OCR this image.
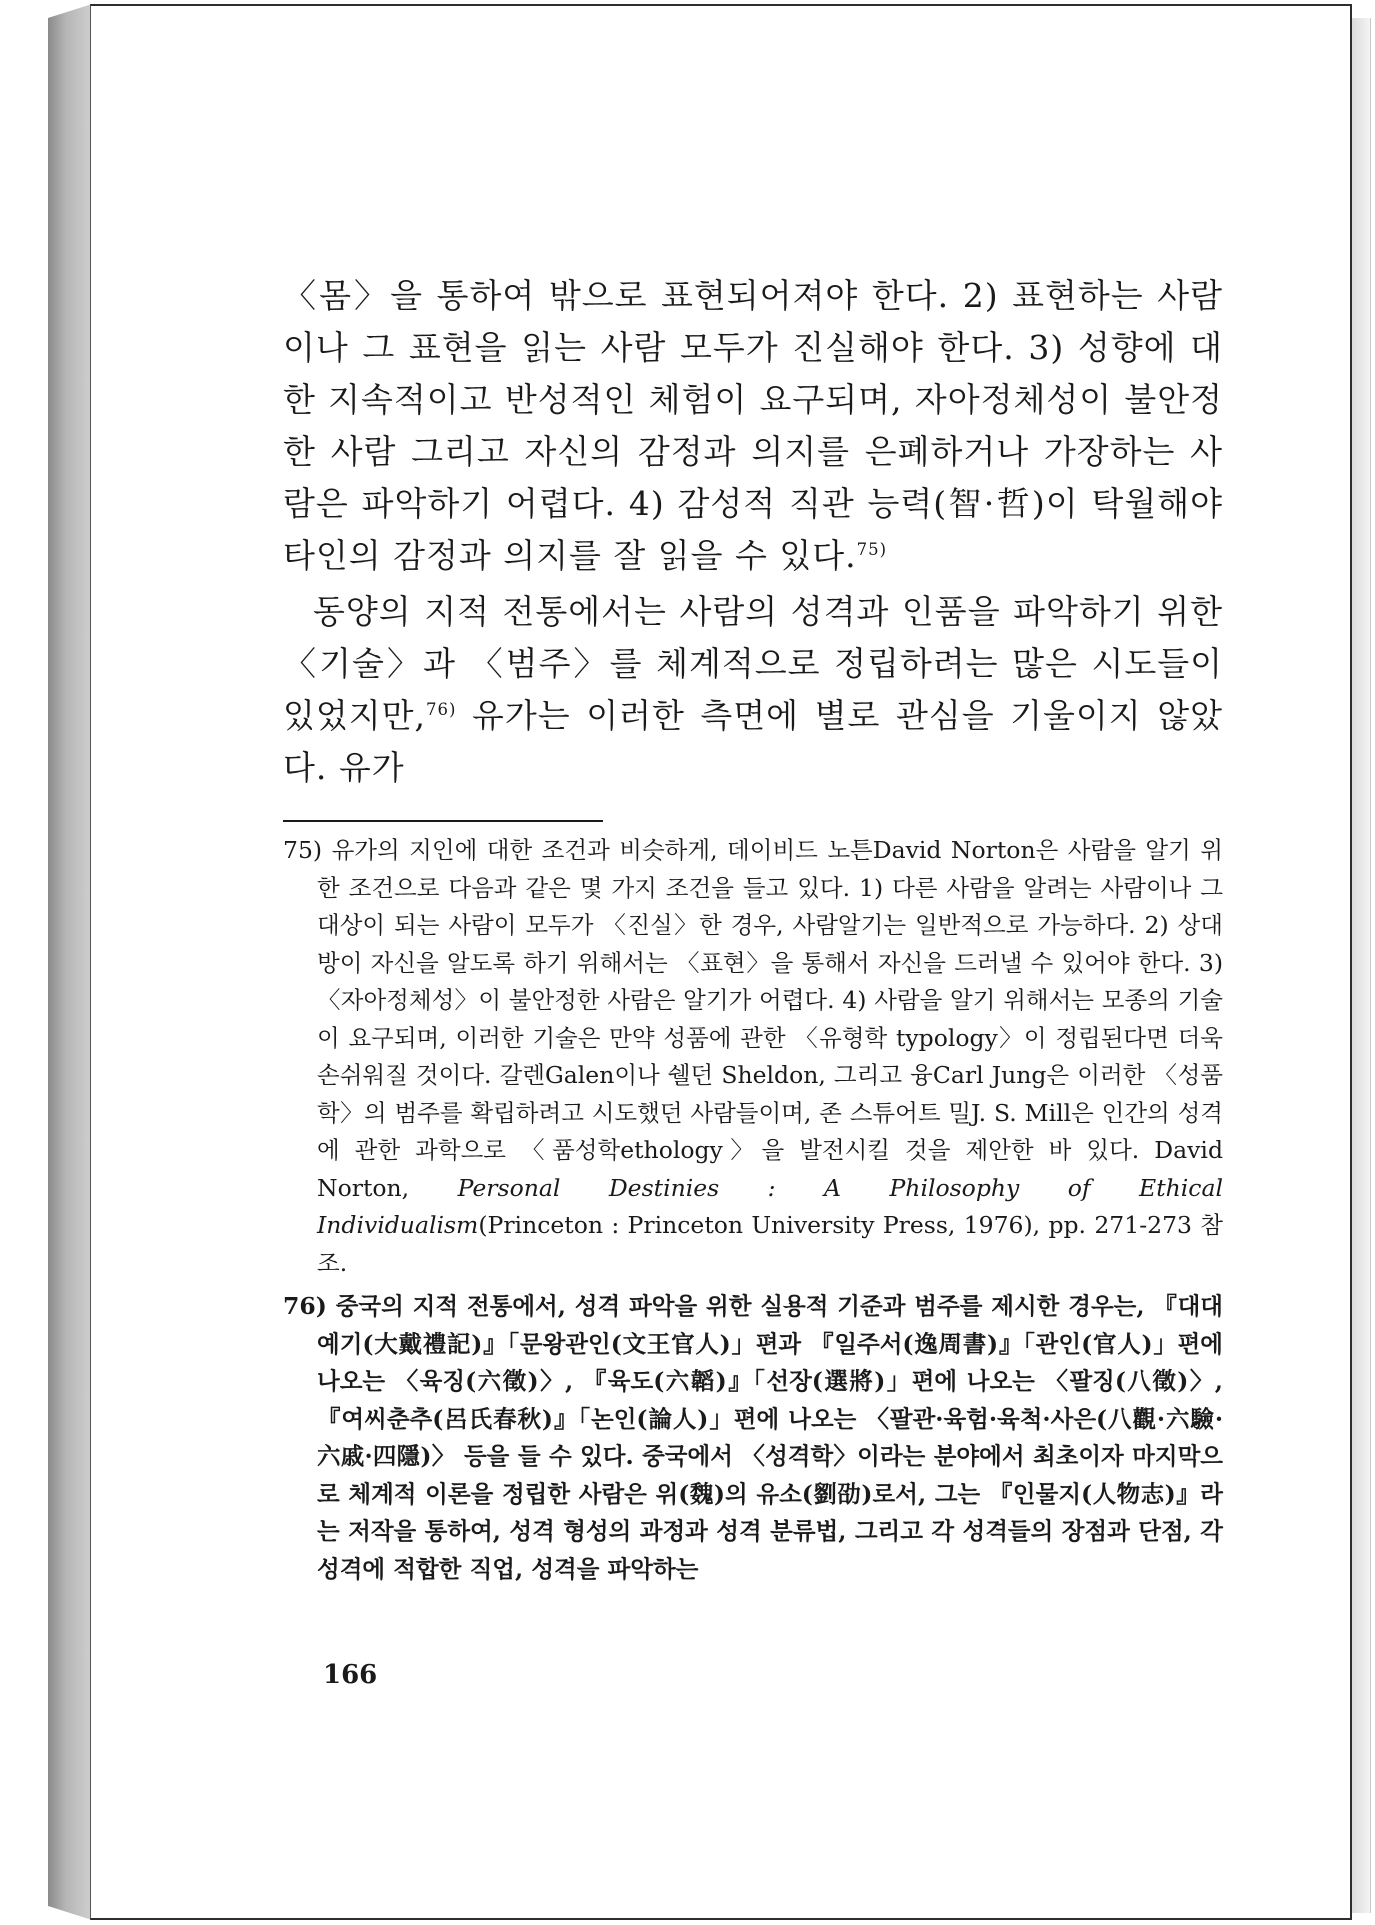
〈몸〉을 통하여 밖으로 표현되어져야 한다. 2) 표현하는 사람이나 그 표현을 읽는 사람 모두가 진실해야 한다. 3) 성향에 대한 지속적이고 반성적인 체험이 요구되며, 자아정체성이 불안정한 사람 그리고 자신의 감정과 의지를 은폐하거나 가장하는 사람은 파악하기 어렵다. 4) 감성적 직관 능력(智·哲)이 탁월해야 타인의 감정과 의지를 잘 읽을 수 있다.$^{75)}$

동양의 지적 전통에서는 사람의 성격과 인품을 파악하기 위한 〈기술〉과 〈범주〉를 체계적으로 정립하려는 많은 시도들이 있었지만,$^{76)}$ 유가는 이러한 측면에 별로 관심을 기울이지 않았다. 유가

75) 유가의 지인에 대한 조건과 비슷하게, 데이비드 노튼David Norton은 사람을 알기 위한 조건으로 다음과 같은 몇 가지 조건을 들고 있다. 1) 다른 사람을 알려는 사람이나 그 대상이 되는 사람이 모두가 〈진실〉한 경우, 사람알기는 일반적으로 가능하다. 2) 상대방이 자신을 알도록 하기 위해서는 〈표현〉을 통해서 자신을 드러낼 수 있어야 한다. 3) 〈자아정체성〉이 불안정한 사람은 알기가 어렵다. 4) 사람을 알기 위해서는 모종의 기술이 요구되며, 이러한 기술은 만약 성품에 관한 〈유형학 typology〉이 정립된다면 더욱 손쉬워질 것이다. 갈렌Galen이나 쉘던 Sheldon, 그리고 융Carl Jung은 이러한 〈성품학〉의 범주를 확립하려고 시도했던 사람들이며, 존 스튜어트 밀J. S. Mill은 인간의 성격에 관한 과학으로 〈품성학ethology〉을 발전시킬 것을 제안한 바 있다. David Norton, Personal Destinies : A Philosophy of Ethical Individualism(Princeton : Princeton University Press, 1976), pp. 271-273 참조.

76) 중국의 지적 전통에서, 성격 파악을 위한 실용적 기준과 범주를 제시한 경우는, 『대대예기(大戴禮記)』「문왕관인(文王官人)」편과 『일주서(逸周書)』「관인(官人)」편에 나오는 〈육징(六徵)〉, 『육도(六韜)』「선장(選將)」편에 나오는 〈팔징(八徵)〉, 『여씨춘추(呂氏春秋)』「논인(論人)」편에 나오는 〈팔관·육험·육척·사은(八觀·六驗·六戚·四隱)〉 등을 들 수 있다. 중국에서 〈성격학〉이라는 분야에서 최초이자 마지막으로 체계적 이론을 정립한 사람은 위(魏)의 유소(劉劭)로서, 그는 『인물지(人物志)』라는 저작을 통하여, 성격 형성의 과정과 성격 분류법, 그리고 각 성격들의 장점과 단점, 각 성격에 적합한 직업, 성격을 파악하는

166
